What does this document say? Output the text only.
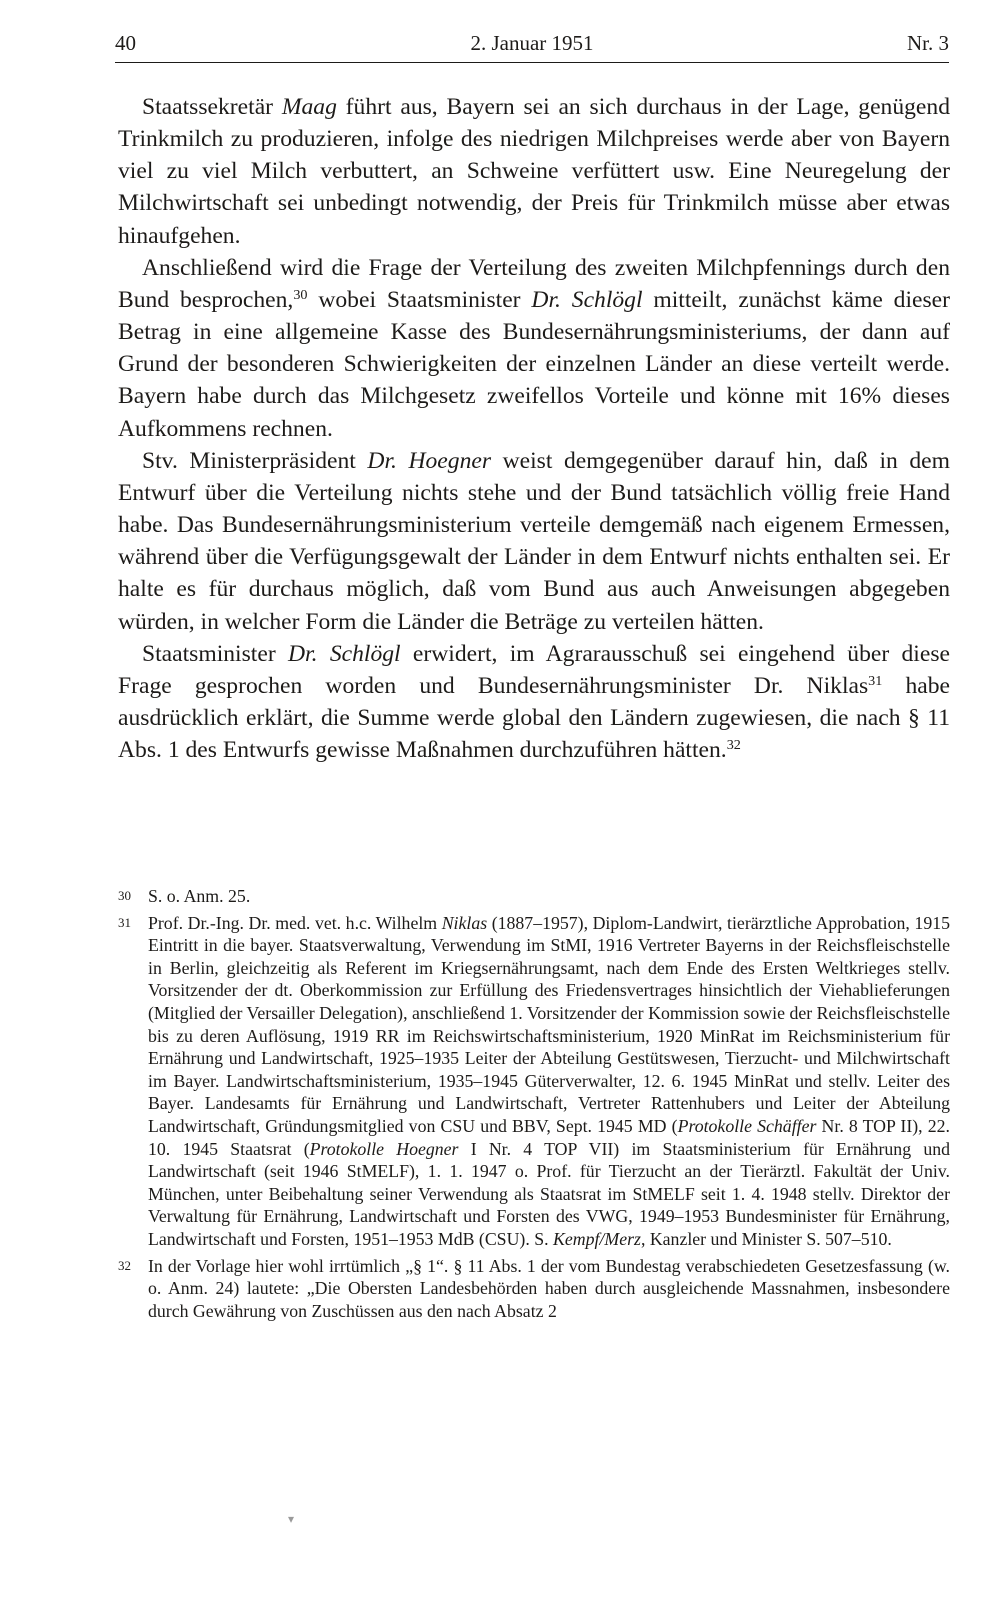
40	2. Januar 1951	Nr. 3

Staatssekretär Maag führt aus, Bayern sei an sich durchaus in der Lage, genügend Trinkmilch zu produzieren, infolge des niedrigen Milchpreises werde aber von Bayern viel zu viel Milch verbuttert, an Schweine verfüttert usw. Eine Neuregelung der Milchwirtschaft sei unbedingt notwendig, der Preis für Trinkmilch müsse aber etwas hinaufgehen.

Anschließend wird die Frage der Verteilung des zweiten Milchpfennings durch den Bund besprochen,$^{30}$ wobei Staatsminister Dr. Schlögl mitteilt, zunächst käme dieser Betrag in eine allgemeine Kasse des Bundesernährungsministeriums, der dann auf Grund der besonderen Schwierigkeiten der einzelnen Länder an diese verteilt werde. Bayern habe durch das Milchgesetz zweifellos Vorteile und könne mit 16% dieses Aufkommens rechnen.

Stv. Ministerpräsident Dr. Hoegner weist demgegenüber darauf hin, daß in dem Entwurf über die Verteilung nichts stehe und der Bund tatsächlich völlig freie Hand habe. Das Bundesernährungsministerium verteile demgemäß nach eigenem Ermessen, während über die Verfügungsgewalt der Länder in dem Entwurf nichts enthalten sei. Er halte es für durchaus möglich, daß vom Bund aus auch Anweisungen abgegeben würden, in welcher Form die Länder die Beträge zu verteilen hätten.

Staatsminister Dr. Schlögl erwidert, im Agrarausschuß sei eingehend über diese Frage gesprochen worden und Bundesernährungsminister Dr. Niklas$^{31}$ habe ausdrücklich erklärt, die Summe werde global den Ländern zugewiesen, die nach § 11 Abs. 1 des Entwurfs gewisse Maßnahmen durchzuführen hätten.$^{32}$

30 S. o. Anm. 25.
31 Prof. Dr.-Ing. Dr. med. vet. h.c. Wilhelm Niklas (1887–1957), Diplom-Landwirt, tierärztliche Approbation, 1915 Eintritt in die bayer. Staatsverwaltung, Verwendung im StMI, 1916 Vertreter Bayerns in der Reichsfleischstelle in Berlin, gleichzeitig als Referent im Kriegsernährungsamt, nach dem Ende des Ersten Weltkrieges stellv. Vorsitzender der dt. Oberkommission zur Erfüllung des Friedensvertrages hinsichtlich der Viehablieferungen (Mitglied der Versailler Delegation), anschließend 1. Vorsitzender der Kommission sowie der Reichsfleischstelle bis zu deren Auflösung, 1919 RR im Reichswirtschaftsministerium, 1920 MinRat im Reichsministerium für Ernährung und Landwirtschaft, 1925–1935 Leiter der Abteilung Gestütswesen, Tierzucht- und Milchwirtschaft im Bayer. Landwirtschaftsministerium, 1935–1945 Güterverwalter, 12. 6. 1945 MinRat und stellv. Leiter des Bayer. Landesamts für Ernährung und Landwirtschaft, Vertreter Rattenhubers und Leiter der Abteilung Landwirtschaft, Gründungsmitglied von CSU und BBV, Sept. 1945 MD (Protokolle Schäffer Nr. 8 TOP II), 22. 10. 1945 Staatsrat (Protokolle Hoegner I Nr. 4 TOP VII) im Staatsministerium für Ernährung und Landwirtschaft (seit 1946 StMELF), 1. 1. 1947 o. Prof. für Tierzucht an der Tierärztl. Fakultät der Univ. München, unter Beibehaltung seiner Verwendung als Staatsrat im StMELF seit 1. 4. 1948 stellv. Direktor der Verwaltung für Ernährung, Landwirtschaft und Forsten des VWG, 1949–1953 Bundesminister für Ernährung, Landwirtschaft und Forsten, 1951–1953 MdB (CSU). S. Kempf/Merz, Kanzler und Minister S. 507–510.
32 In der Vorlage hier wohl irrtümlich „§ 1“. § 11 Abs. 1 der vom Bundestag verabschiedeten Gesetzesfassung (w. o. Anm. 24) lautete: „Die Obersten Landesbehörden haben durch ausgleichende Massnahmen, insbesondere durch Gewährung von Zuschüssen aus den nach Absatz 2
▾
